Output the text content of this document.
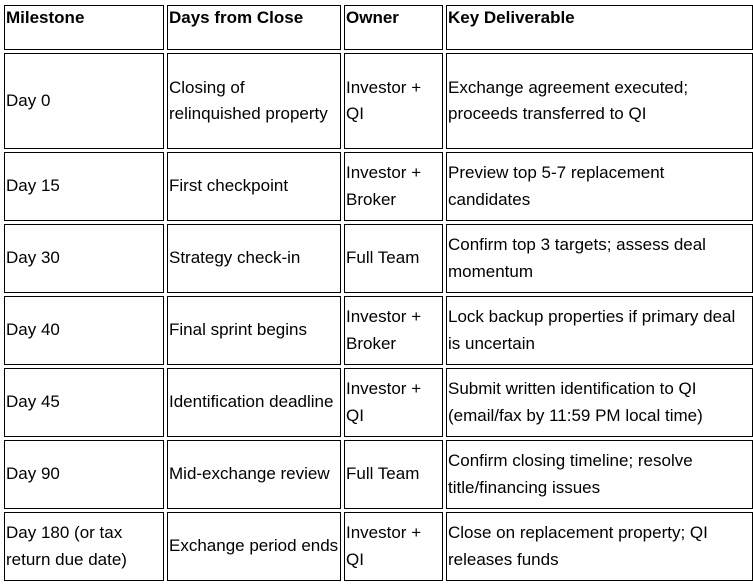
Milestone	Days from Close	Owner	Key Deliverable
Day 0	Closing of relinquished property	Investor + QI	Exchange agreement executed; proceeds transferred to QI
Day 15	First checkpoint	Investor + Broker	Preview top 5-7 replacement candidates
Day 30	Strategy check-in	Full Team	Confirm top 3 targets; assess deal momentum
Day 40	Final sprint begins	Investor + Broker	Lock backup properties if primary deal is uncertain
Day 45	Identification deadline	Investor + QI	Submit written identification to QI (email/fax by 11:59 PM local time)
Day 90	Mid-exchange review	Full Team	Confirm closing timeline; resolve title/financing issues
Day 180 (or tax return due date)	Exchange period ends	Investor + QI	Close on replacement property; QI releases funds
